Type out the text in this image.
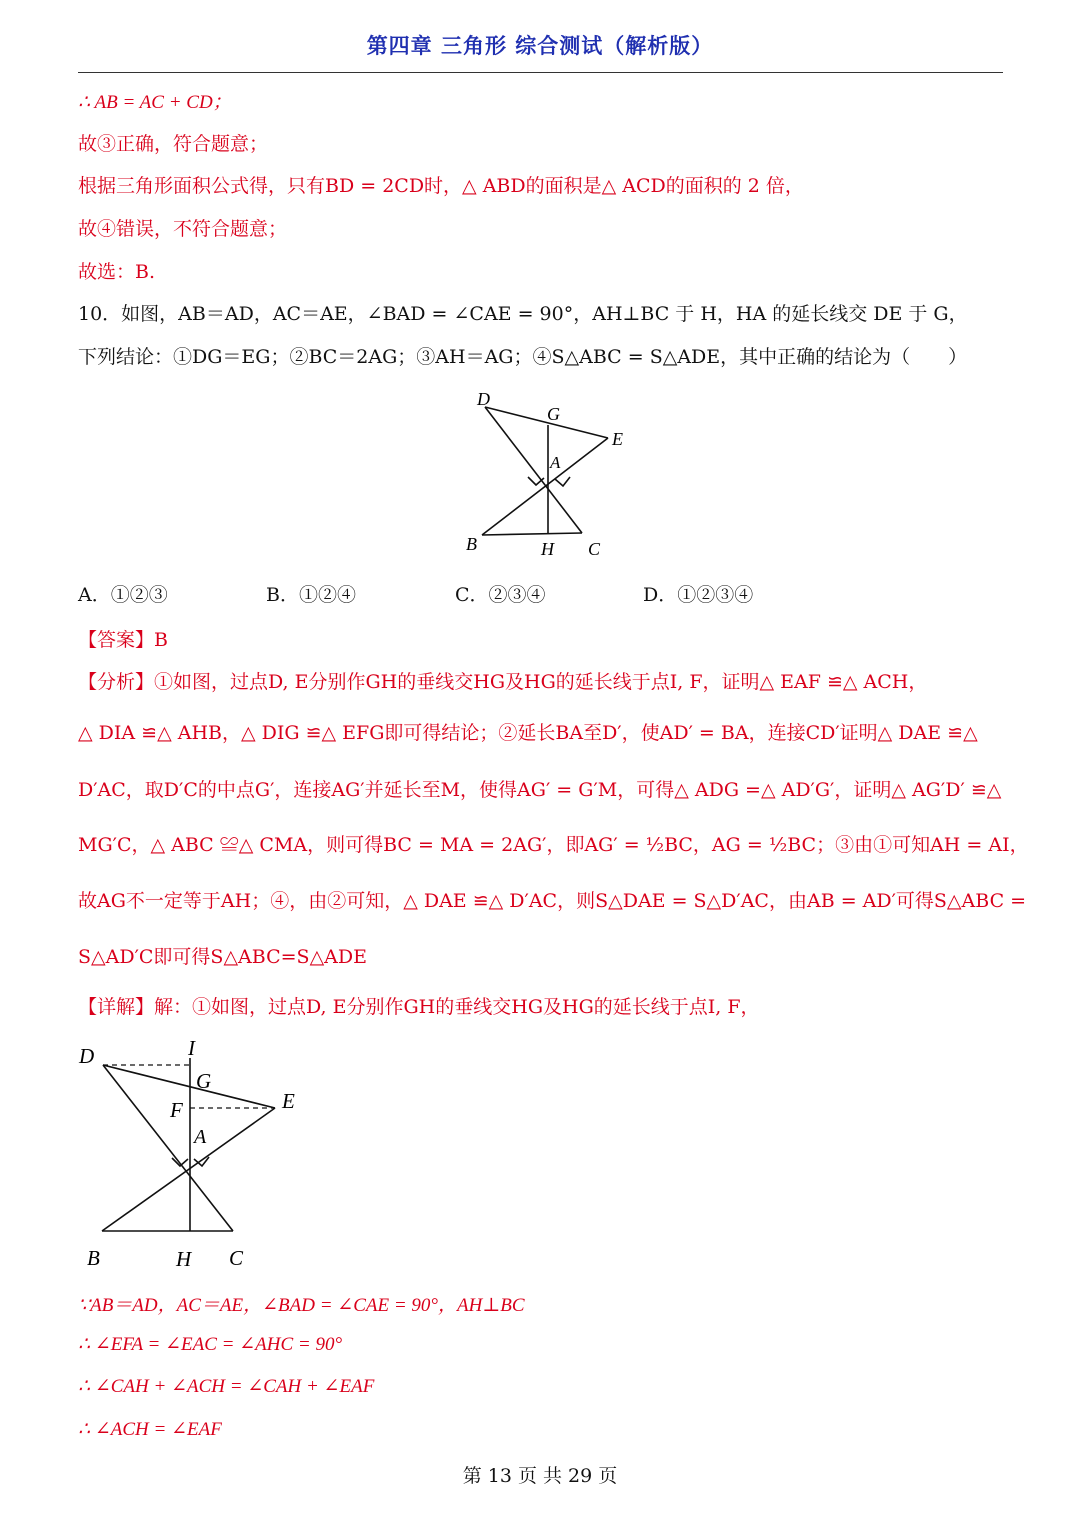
第四章 三角形 综合测试（解析版）
∴ AB = AC + CD；
故③正确，符合题意；
根据三角形面积公式得，只有BD = 2CD时，△ ABD的面积是△ ACD的面积的 2 倍，
故④错误，不符合题意；
故选：B.
10．如图，AB＝AD，AC＝AE，∠BAD = ∠CAE = 90°，AH⊥BC 于 H，HA 的延长线交 DE 于 G，
下列结论：①DG＝EG；②BC＝2AG；③AH＝AG；④S△ABC = S△ADE，其中正确的结论为（　　）
D
G
E
A
B	H C
A．①②③	B．①②④	C．②③④	D．①②③④
【答案】B
【分析】①如图，过点D, E分别作GH的垂线交HG及HG的延长线于点I, F，证明△ EAF ≌△ ACH，
△ DIA ≌△ AHB，△ DIG ≌△ EFG即可得结论；②延长BA至D′，使AD′ = BA，连接CD′证明△ DAE ≌△
D′AC，取D′C的中点G′，连接AG′并延长至M，使得AG′ = G′M，可得△ ADG =△ AD′G′，证明△ AG′D′ ≌△
MG′C，△ ABC ≌△ CMA，则可得BC = MA = 2AG′，即AG′ = ½BC，AG = ½BC；③由①可知AH = AI，
故AG不一定等于AH；④，由②可知，△ DAE ≌△ D′AC，则S△DAE = S△D′AC，由AB = AD′可得S△ABC =
S△AD′C即可得S△ABC=S△ADE
【详解】解：①如图，过点D, E分别作GH的垂线交HG及HG的延长线于点I, F，
D	I
G
F	E
A
B	H C
∵AB＝AD，AC＝AE，∠BAD = ∠CAE = 90°，AH⊥BC
∴ ∠EFA = ∠EAC = ∠AHC = 90°
∴ ∠CAH + ∠ACH = ∠CAH + ∠EAF
∴ ∠ACH = ∠EAF
第 13 页 共 29 页
